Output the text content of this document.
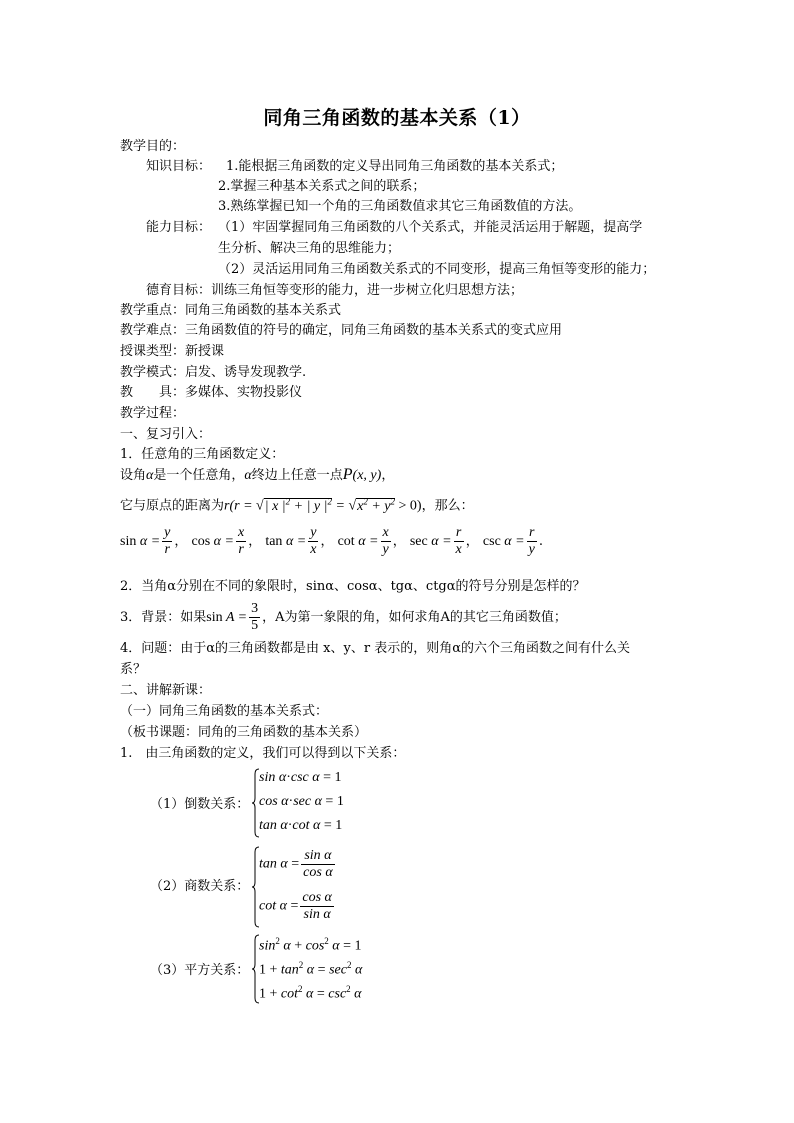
同角三角函数的基本关系（1）
教学目的：
知识目标： 1.能根据三角函数的定义导出同角三角函数的基本关系式；
2.掌握三种基本关系式之间的联系；
3.熟练掌握已知一个角的三角函数值求其它三角函数值的方法。
能力目标： （1）牢固掌握同角三角函数的八个关系式，并能灵活运用于解题，提高学
生分析、解决三角的思维能力；
（2）灵活运用同角三角函数关系式的不同变形，提高三角恒等变形的能力；
德育目标：训练三角恒等变形的能力，进一步树立化归思想方法；
教学重点：同角三角函数的基本关系式
教学难点：三角函数值的符号的确定，同角三角函数的基本关系式的变式应用
授课类型：新授课
教学模式：启发、诱导发现教学.
教　　具：多媒体、实物投影仪
教学过程：
一、复习引入：
1．任意角的三角函数定义：
设角α是一个任意角，α终边上任意一点P(x, y)，
它与原点的距离为r(r = √| x $|^2$ + | y $|^2 = √x^2 + y^2 > 0$)，那么：
$\sin \alpha = \frac{y}{r}$ ， $\cos \alpha = \frac{x}{r}$ ， $\tan \alpha = \frac{y}{x}$ ， $\cot \alpha = \frac{x}{y}$ ， $\sec \alpha = \frac{r}{x}$ ， $\csc \alpha = \frac{r}{y}$ .
2．当角α分别在不同的象限时，sinα、cosα、tgα、ctgα的符号分别是怎样的？
3．背景：如果$\sin A = \frac{3}{5}$ ，A为第一象限的角，如何求角A的其它三角函数值；
4．问题：由于α的三角函数都是由 x、y、r 表示的，则角α的六个三角函数之间有什么关
系？
二、讲解新课：
（一）同角三角函数的基本关系式：
（板书课题：同角的三角函数的基本关系）
1.　由三角函数的定义，我们可以得到以下关系：
（1）倒数关系：
sin α·csc α = 1
cos α·sec α = 1
tan α·cot α = 1
（2）商数关系：
$\tan \alpha = \frac{\text{sin α}}{\text{cos α}}$
$\cot \alpha = \frac{\text{cos α}}{\text{sin α}}$
（3）平方关系：
$\sin^2 \alpha + \cos^2 \alpha = 1$
$1 + \tan^2 \alpha = \sec^2 \alpha$
$1 + \cot^2 \alpha = \csc^2 \alpha$
